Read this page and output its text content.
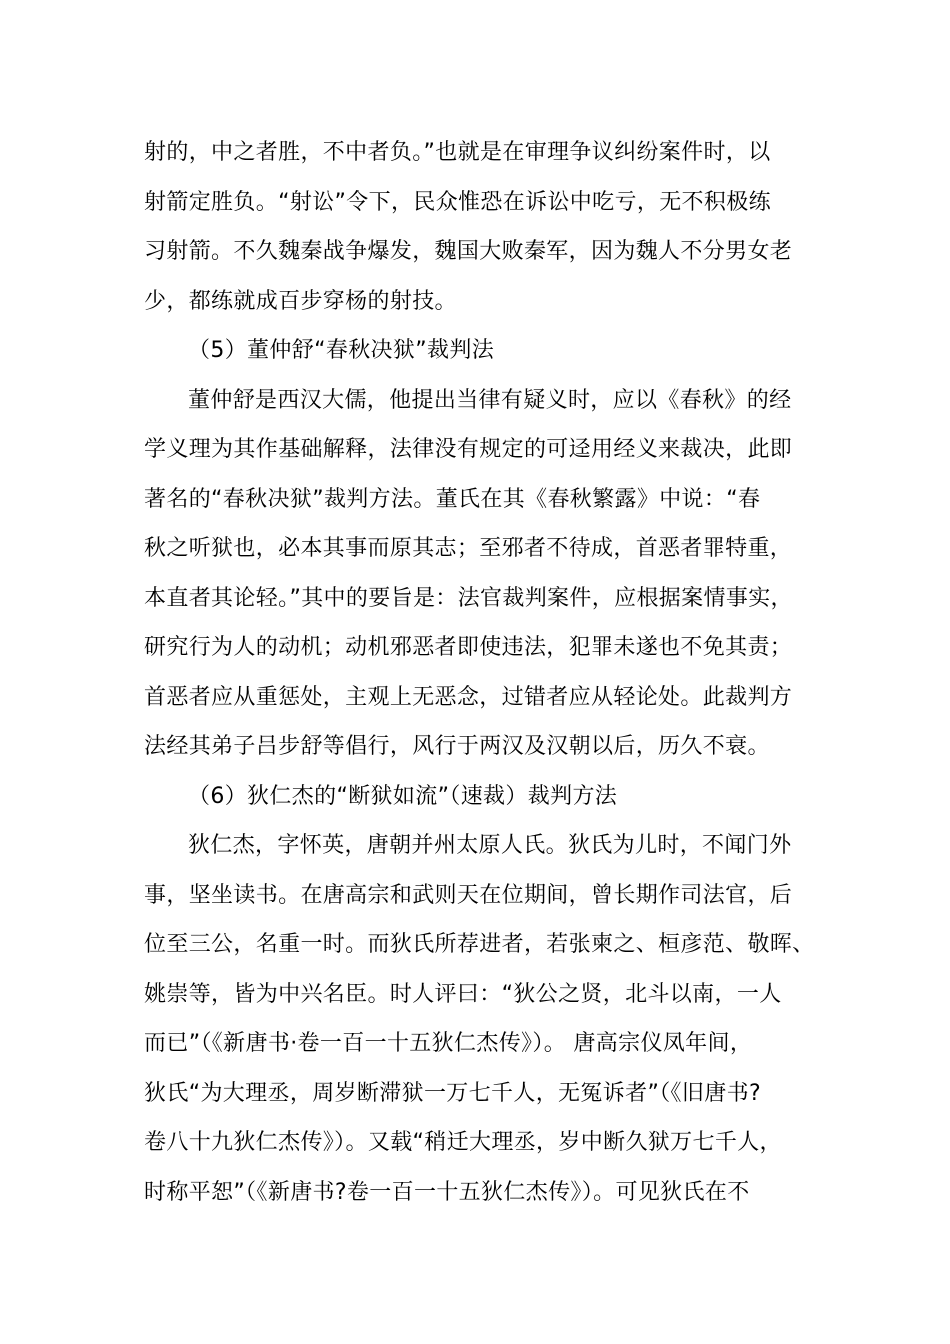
射的，中之者胜，不中者负。”也就是在审理争议纠纷案件时，以
射箭定胜负。“射讼”令下，民众惟恐在诉讼中吃亏，无不积极练
习射箭。不久魏秦战争爆发，魏国大败秦军，因为魏人不分男女老
少，都练就成百步穿杨的射技。
（5）董仲舒“春秋决狱”裁判法
董仲舒是西汉大儒，他提出当律有疑义时，应以《春秋》的经
学义理为其作基础解释，法律没有规定的可迳用经义来裁决，此即
著名的“春秋决狱”裁判方法。董氏在其《春秋繁露》中说：“春
秋之听狱也，必本其事而原其志；至邪者不待成，首恶者罪特重，
本直者其论轻。”其中的要旨是：法官裁判案件，应根据案情事实，
研究行为人的动机；动机邪恶者即使违法，犯罪未遂也不免其责；
首恶者应从重惩处，主观上无恶念，过错者应从轻论处。此裁判方
法经其弟子吕步舒等倡行，风行于两汉及汉朝以后，历久不衰。
（6）狄仁杰的“断狱如流”（速裁）裁判方法
狄仁杰，字怀英，唐朝并州太原人氏。狄氏为儿时，不闻门外
事，坚坐读书。在唐高宗和武则天在位期间，曾长期作司法官，后
位至三公，名重一时。而狄氏所荐进者，若张柬之、桓彦范、敬晖、
姚崇等，皆为中兴名臣。时人评曰：“狄公之贤，北斗以南，一人
而已”（《新唐书·卷一百一十五狄仁杰传》）。 唐高宗仪凤年间，
狄氏“为大理丞，周岁断滞狱一万七千人，无冤诉者”（《旧唐书?
卷八十九狄仁杰传》）。又载“稍迁大理丞，岁中断久狱万七千人，
时称平恕”（《新唐书?卷一百一十五狄仁杰传》）。可见狄氏在不
